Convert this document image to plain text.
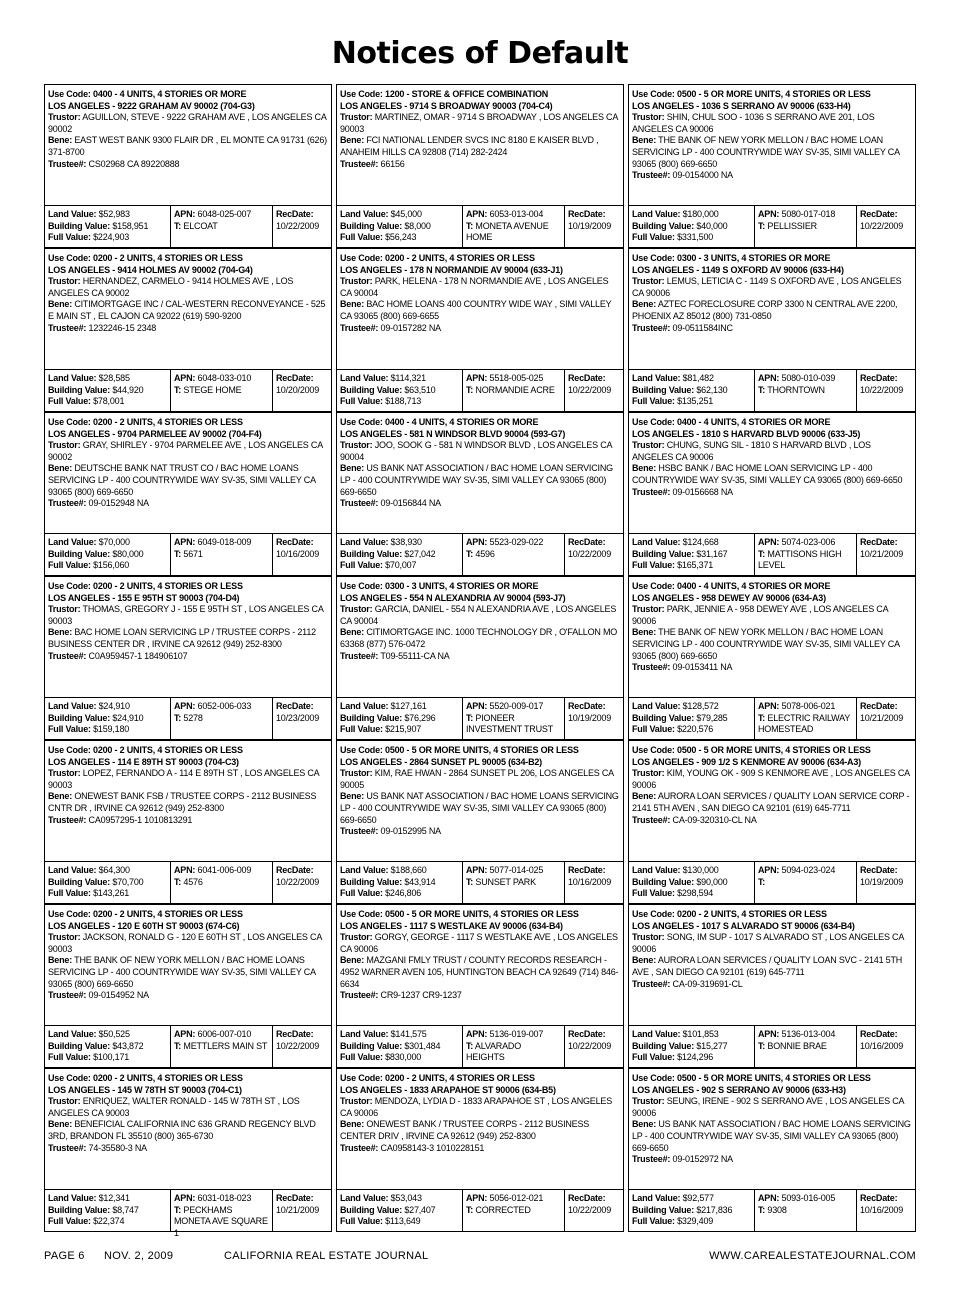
Notices of Default
Use Code: 0400 - 4 UNITS, 4 STORIES OR MORE
LOS ANGELES - 9222 GRAHAM AV 90002 (704-G3)
Trustor: AGUILLON, STEVE - 9222 GRAHAM AVE , LOS ANGELES CA 90002
Bene: EAST WEST BANK 9300 FLAIR DR , EL MONTE CA 91731 (626) 371-8700
Trustee#: CS02968 CA 89220888
Land Value: $52,983
Building Value: $158,951
Full Value: $224,903
APN: 6048-025-007
T: ELCOAT
RecDate:
10/22/2009
Use Code: 0200 - 2 UNITS, 4 STORIES OR LESS
LOS ANGELES - 9414 HOLMES AV 90002 (704-G4)
Trustor: HERNANDEZ, CARMELO - 9414 HOLMES AVE , LOS ANGELES CA 90002
Bene: CITIMORTGAGE INC / CAL-WESTERN RECONVEYANCE - 525 E MAIN ST , EL CAJON CA 92022 (619) 590-9200
Trustee#: 1232246-15 2348
Land Value: $28,585
Building Value: $44,920
Full Value: $78,001
APN: 6048-033-010
T: STEGE HOME
RecDate:
10/20/2009
Use Code: 0200 - 2 UNITS, 4 STORIES OR LESS
LOS ANGELES - 9704 PARMELEE AV 90002 (704-F4)
Trustor: GRAY, SHIRLEY - 9704 PARMELEE AVE , LOS ANGELES CA 90002
Bene: DEUTSCHE BANK NAT TRUST CO / BAC HOME LOANS SERVICING LP - 400 COUNTRYWIDE WAY SV-35, SIMI VALLEY CA 93065 (800) 669-6650
Trustee#: 09-0152948 NA
Land Value: $70,000
Building Value: $80,000
Full Value: $156,060
APN: 6049-018-009
T: 5671
RecDate:
10/16/2009
Use Code: 0200 - 2 UNITS, 4 STORIES OR LESS
LOS ANGELES - 155 E 95TH ST 90003 (704-D4)
Trustor: THOMAS, GREGORY J - 155 E 95TH ST , LOS ANGELES CA 90003
Bene: BAC HOME LOAN SERVICING LP / TRUSTEE CORPS - 2112 BUSINESS CENTER DR , IRVINE CA 92612 (949) 252-8300
Trustee#: C0A959457-1 184906107
Land Value: $24,910
Building Value: $24,910
Full Value: $159,180
APN: 6052-006-033
T: 5278
RecDate:
10/23/2009
Use Code: 0200 - 2 UNITS, 4 STORIES OR LESS
LOS ANGELES - 114 E 89TH ST 90003 (704-C3)
Trustor: LOPEZ, FERNANDO A - 114 E 89TH ST , LOS ANGELES CA 90003
Bene: ONEWEST BANK FSB / TRUSTEE CORPS - 2112 BUSINESS CNTR DR , IRVINE CA 92612 (949) 252-8300
Trustee#: CA0957295-1 1010813291
Land Value: $64,300
Building Value: $70,700
Full Value: $143,261
APN: 6041-006-009
T: 4576
RecDate:
10/22/2009
Use Code: 0200 - 2 UNITS, 4 STORIES OR LESS
LOS ANGELES - 120 E 60TH ST 90003 (674-C6)
Trustor: JACKSON, RONALD G - 120 E 60TH ST , LOS ANGELES CA 90003
Bene: THE BANK OF NEW YORK MELLON / BAC HOME LOANS SERVICING LP - 400 COUNTRYWIDE WAY SV-35, SIMI VALLEY CA 93065 (800) 669-6650
Trustee#: 09-0154952 NA
Land Value: $50,525
Building Value: $43,872
Full Value: $100,171
APN: 6006-007-010
T: METTLERS MAIN ST
RecDate:
10/22/2009
Use Code: 0200 - 2 UNITS, 4 STORIES OR LESS
LOS ANGELES - 145 W 78TH ST 90003 (704-C1)
Trustor: ENRIQUEZ, WALTER RONALD - 145 W 78TH ST , LOS ANGELES CA 90003
Bene: BENEFICIAL CALIFORNIA INC 636 GRAND REGENCY BLVD 3RD, BRANDON FL 35510 (800) 365-6730
Trustee#: 74-35580-3 NA
Land Value: $12,341
Building Value: $8,747
Full Value: $22,374
APN: 6031-018-023
T: PECKHAMS MONETA AVE SQUARE 1
RecDate:
10/21/2009
Use Code: 1200 - STORE & OFFICE COMBINATION
LOS ANGELES - 9714 S BROADWAY 90003 (704-C4)
Trustor: MARTINEZ, OMAR - 9714 S BROADWAY , LOS ANGELES CA 90003
Bene: FCI NATIONAL LENDER SVCS INC 8180 E KAISER BLVD , ANAHEIM HILLS CA 92808 (714) 282-2424
Trustee#: 66156
Land Value: $45,000
Building Value: $8,000
Full Value: $56,243
APN: 6053-013-004
T: MONETA AVENUE HOME
RecDate:
10/19/2009
Use Code: 0200 - 2 UNITS, 4 STORIES OR LESS
LOS ANGELES - 178 N NORMANDIE AV 90004 (633-J1)
Trustor: PARK, HELENA - 178 N NORMANDIE AVE , LOS ANGELES CA 90004
Bene: BAC HOME LOANS 400 COUNTRY WIDE WAY , SIMI VALLEY CA 93065 (800) 669-6655
Trustee#: 09-0157282 NA
Land Value: $114,321
Building Value: $63,510
Full Value: $188,713
APN: 5518-005-025
T: NORMANDIE ACRE
RecDate:
10/22/2009
Use Code: 0400 - 4 UNITS, 4 STORIES OR MORE
LOS ANGELES - 581 N WINDSOR BLVD 90004 (593-G7)
Trustor: JOO, SOOK G - 581 N WINDSOR BLVD , LOS ANGELES CA 90004
Bene: US BANK NAT ASSOCIATION / BAC HOME LOAN SERVICING LP - 400 COUNTRYWIDE WAY SV-35, SIMI VALLEY CA 93065 (800) 669-6650
Trustee#: 09-0156844 NA
Land Value: $38,930
Building Value: $27,042
Full Value: $70,007
APN: 5523-029-022
T: 4596
RecDate:
10/22/2009
Use Code: 0300 - 3 UNITS, 4 STORIES OR MORE
LOS ANGELES - 554 N ALEXANDRIA AV 90004 (593-J7)
Trustor: GARCIA, DANIEL - 554 N ALEXANDRIA AVE , LOS ANGELES CA 90004
Bene: CITIMORTGAGE INC. 1000 TECHNOLOGY DR , O'FALLON MO 63368 (877) 576-0472
Trustee#: T09-55111-CA NA
Land Value: $127,161
Building Value: $76,296
Full Value: $215,907
APN: 5520-009-017
T: PIONEER INVESTMENT TRUST
RecDate:
10/19/2009
Use Code: 0500 - 5 OR MORE UNITS, 4 STORIES OR LESS
LOS ANGELES - 2864 SUNSET PL 90005 (634-B2)
Trustor: KIM, RAE HWAN - 2864 SUNSET PL 206, LOS ANGELES CA 90005
Bene: US BANK NAT ASSOCIATION / BAC HOME LOANS SERVICING LP - 400 COUNTRYWIDE WAY SV-35, SIMI VALLEY CA 93065 (800) 669-6650
Trustee#: 09-0152995 NA
Land Value: $188,660
Building Value: $43,914
Full Value: $246,806
APN: 5077-014-025
T: SUNSET PARK
RecDate:
10/16/2009
Use Code: 0500 - 5 OR MORE UNITS, 4 STORIES OR LESS
LOS ANGELES - 1117 S WESTLAKE AV 90006 (634-B4)
Trustor: GORGY, GEORGE - 1117 S WESTLAKE AVE , LOS ANGELES CA 90006
Bene: MAZGANI FMLY TRUST / COUNTY RECORDS RESEARCH - 4952 WARNER AVEN 105, HUNTINGTON BEACH CA 92649 (714) 846-6634
Trustee#: CR9-1237 CR9-1237
Land Value: $141,575
Building Value: $301,484
Full Value: $830,000
APN: 5136-019-007
T: ALVARADO HEIGHTS
RecDate:
10/22/2009
Use Code: 0200 - 2 UNITS, 4 STORIES OR LESS
LOS ANGELES - 1833 ARAPAHOE ST 90006 (634-B5)
Trustor: MENDOZA, LYDIA D - 1833 ARAPAHOE ST , LOS ANGELES CA 90006
Bene: ONEWEST BANK / TRUSTEE CORPS - 2112 BUSINESS CENTER DRIV , IRVINE CA 92612 (949) 252-8300
Trustee#: CA0958143-3 1010228151
Land Value: $53,043
Building Value: $27,407
Full Value: $113,649
APN: 5056-012-021
T: CORRECTED
RecDate:
10/22/2009
Use Code: 0500 - 5 OR MORE UNITS, 4 STORIES OR LESS
LOS ANGELES - 1036 S SERRANO AV 90006 (633-H4)
Trustor: SHIN, CHUL SOO - 1036 S SERRANO AVE 201, LOS ANGELES CA 90006
Bene: THE BANK OF NEW YORK MELLON / BAC HOME LOAN SERVICING LP - 400 COUNTRYWIDE WAY SV-35, SIMI VALLEY CA 93065 (800) 669-6650
Trustee#: 09-0154000 NA
Land Value: $180,000
Building Value: $40,000
Full Value: $331,500
APN: 5080-017-018
T: PELLISSIER
RecDate:
10/22/2009
Use Code: 0300 - 3 UNITS, 4 STORIES OR MORE
LOS ANGELES - 1149 S OXFORD AV 90006 (633-H4)
Trustor: LEMUS, LETICIA C - 1149 S OXFORD AVE , LOS ANGELES CA 90006
Bene: AZTEC FORECLOSURE CORP 3300 N CENTRAL AVE 2200, PHOENIX AZ 85012 (800) 731-0850
Trustee#: 09-0511584INC
Land Value: $81,482
Building Value: $62,130
Full Value: $135,251
APN: 5080-010-039
T: THORNTOWN
RecDate:
10/22/2009
Use Code: 0400 - 4 UNITS, 4 STORIES OR MORE
LOS ANGELES - 1810 S HARVARD BLVD 90006 (633-J5)
Trustor: CHUNG, SUNG SIL - 1810 S HARVARD BLVD , LOS ANGELES CA 90006
Bene: HSBC BANK / BAC HOME LOAN SERVICING LP - 400 COUNTRYWIDE WAY SV-35, SIMI VALLEY CA 93065 (800) 669-6650
Trustee#: 09-0156668 NA
Land Value: $124,668
Building Value: $31,167
Full Value: $165,371
APN: 5074-023-006
T: MATTISONS HIGH LEVEL
RecDate:
10/21/2009
Use Code: 0400 - 4 UNITS, 4 STORIES OR MORE
LOS ANGELES - 958 DEWEY AV 90006 (634-A3)
Trustor: PARK, JENNIE A - 958 DEWEY AVE , LOS ANGELES CA 90006
Bene: THE BANK OF NEW YORK MELLON / BAC HOME LOAN SERVICING LP - 400 COUNTRYWIDE WAY SV-35, SIMI VALLEY CA 93065 (800) 669-6650
Trustee#: 09-0153411 NA
Land Value: $128,572
Building Value: $79,285
Full Value: $220,576
APN: 5078-006-021
T: ELECTRIC RAILWAY HOMESTEAD
RecDate:
10/21/2009
Use Code: 0500 - 5 OR MORE UNITS, 4 STORIES OR LESS
LOS ANGELES - 909 1/2 S KENMORE AV 90006 (634-A3)
Trustor: KIM, YOUNG OK - 909 S KENMORE AVE , LOS ANGELES CA 90006
Bene: AURORA LOAN SERVICES / QUALITY LOAN SERVICE CORP - 2141 5TH AVEN , SAN DIEGO CA 92101 (619) 645-7711
Trustee#: CA-09-320310-CL NA
Land Value: $130,000
Building Value: $90,000
Full Value: $298,594
APN: 5094-023-024
T:
RecDate:
10/19/2009
Use Code: 0200 - 2 UNITS, 4 STORIES OR LESS
LOS ANGELES - 1017 S ALVARADO ST 90006 (634-B4)
Trustor: SONG, IM SUP - 1017 S ALVARADO ST , LOS ANGELES CA 90006
Bene: AURORA LOAN SERVICES / QUALITY LOAN SVC - 2141 5TH AVE , SAN DIEGO CA 92101 (619) 645-7711
Trustee#: CA-09-319691-CL
Land Value: $101,853
Building Value: $15,277
Full Value: $124,296
APN: 5136-013-004
T: BONNIE BRAE
RecDate:
10/16/2009
Use Code: 0500 - 5 OR MORE UNITS, 4 STORIES OR LESS
LOS ANGELES - 902 S SERRANO AV 90006 (633-H3)
Trustor: SEUNG, IRENE - 902 S SERRANO AVE , LOS ANGELES CA 90006
Bene: US BANK NAT ASSOCIATION / BAC HOME LOANS SERVICING LP - 400 COUNTRYWIDE WAY SV-35, SIMI VALLEY CA 93065 (800) 669-6650
Trustee#: 09-0152972 NA
Land Value: $92,577
Building Value: $217,836
Full Value: $329,409
APN: 5093-016-005
T: 9308
RecDate:
10/16/2009
PAGE 6 NOV. 2, 2009	CALIFORNIA REAL ESTATE JOURNAL	WWW.CAREALESTATEJOURNAL.COM
